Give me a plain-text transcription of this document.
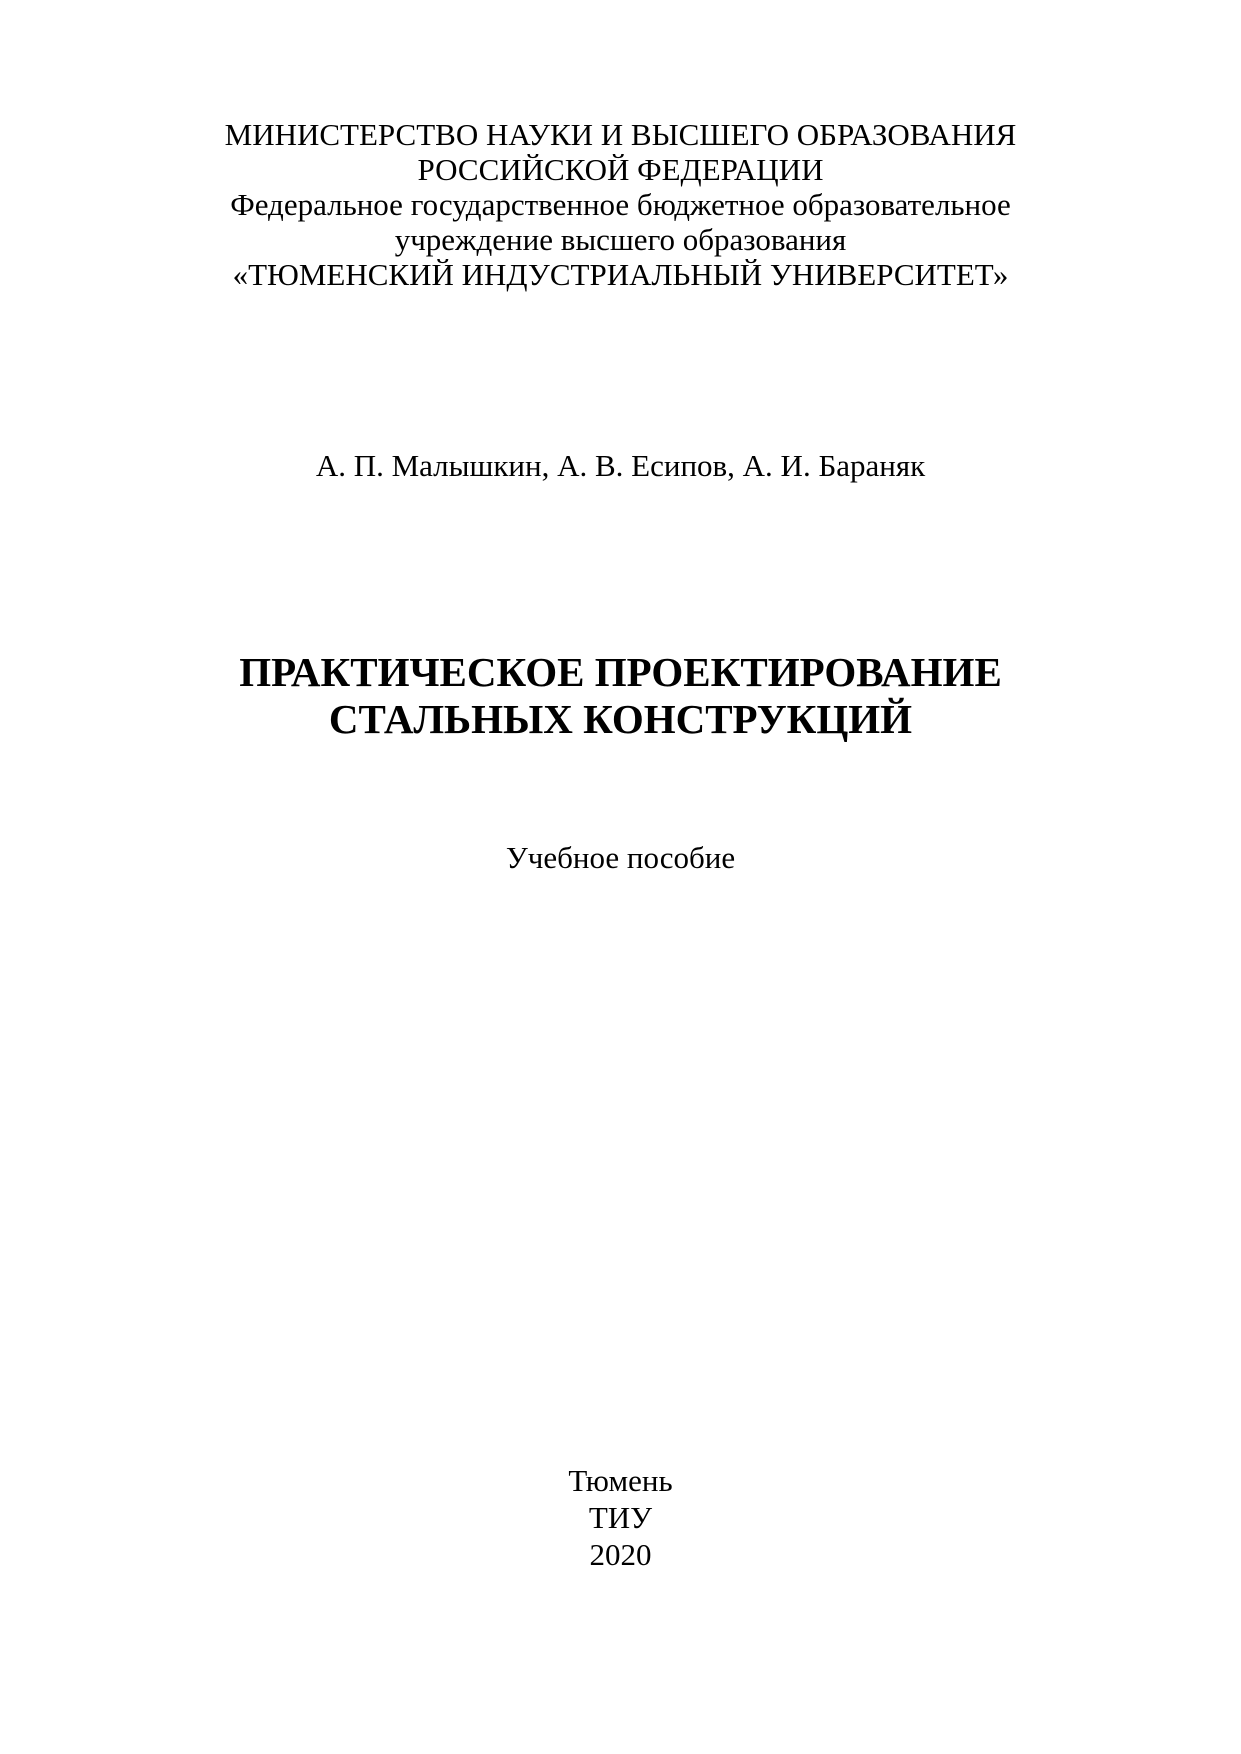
МИНИСТЕРСТВО НАУКИ И ВЫСШЕГО ОБРАЗОВАНИЯ
РОССИЙСКОЙ ФЕДЕРАЦИИ
Федеральное государственное бюджетное образовательное
учреждение высшего образования
«ТЮМЕНСКИЙ ИНДУСТРИАЛЬНЫЙ УНИВЕРСИТЕТ»
А. П. Малышкин, А. В. Есипов, А. И. Бараняк
ПРАКТИЧЕСКОЕ ПРОЕКТИРОВАНИЕ
СТАЛЬНЫХ КОНСТРУКЦИЙ
Учебное пособие
Тюмень
ТИУ
2020
